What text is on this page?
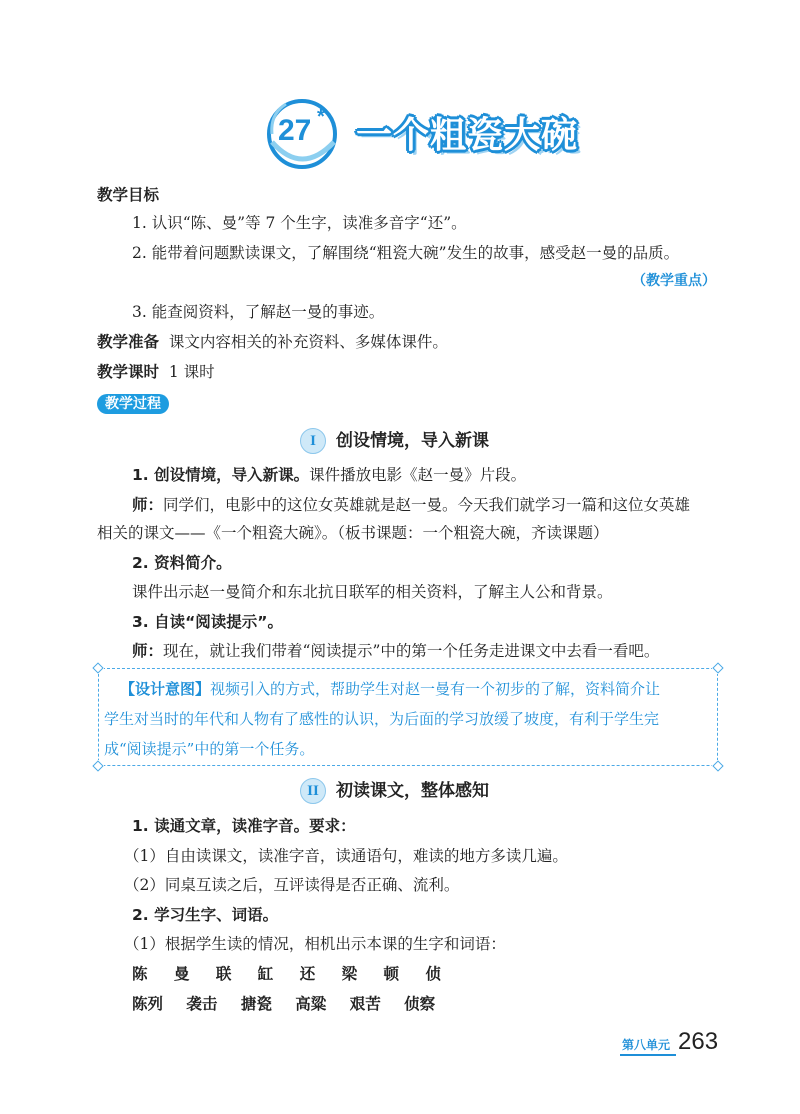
27 * 一个粗瓷大碗
教学目标
1. 认识“陈、曼”等 7 个生字，读准多音字“还”。
2. 能带着问题默读课文，了解围绕“粗瓷大碗”发生的故事，感受赵一曼的品质。
（教学重点）
3. 能查阅资料，了解赵一曼的事迹。
教学准备 课文内容相关的补充资料、多媒体课件。
教学课时 1 课时
教学过程
I	创设情境，导入新课
1. 创设情境，导入新课。课件播放电影《赵一曼》片段。
师：同学们，电影中的这位女英雄就是赵一曼。今天我们就学习一篇和这位女英雄
相关的课文——《一个粗瓷大碗》。（板书课题：一个粗瓷大碗，齐读课题）
2. 资料简介。
课件出示赵一曼简介和东北抗日联军的相关资料，了解主人公和背景。
3. 自读“阅读提示”。
师：现在，就让我们带着“阅读提示”中的第一个任务走进课文中去看一看吧。
【设计意图】视频引入的方式，帮助学生对赵一曼有一个初步的了解，资料简介让
学生对当时的年代和人物有了感性的认识，为后面的学习放缓了坡度，有利于学生完
成“阅读提示”中的第一个任务。
II	初读课文，整体感知
1. 读通文章，读准字音。要求：
（1）自由读课文，读准字音，读通语句，难读的地方多读几遍。
（2）同桌互读之后，互评读得是否正确、流利。
2. 学习生字、词语。
（1）根据学生读的情况，相机出示本课的生字和词语：
陈 曼 联 缸 还 梁 顿 侦
陈列 袭击 搪瓷 高粱 艰苦 侦察
第八单元 263
